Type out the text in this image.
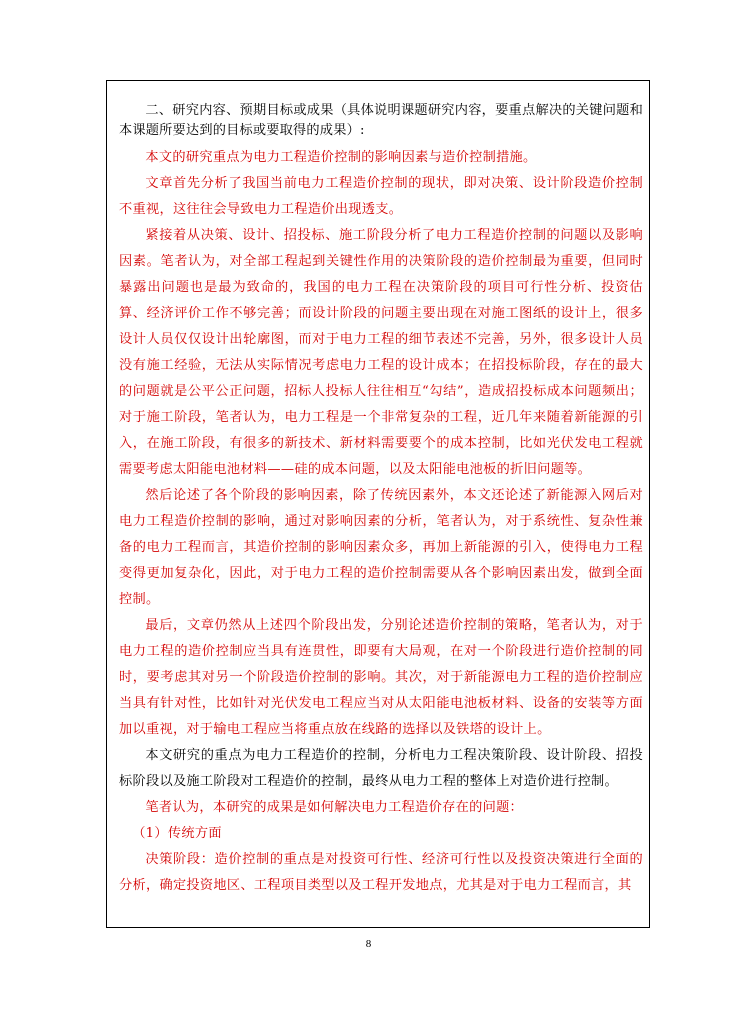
二、研究内容、预期目标或成果（具体说明课题研究内容，要重点解决的关键问题和本课题所要达到的目标或要取得的成果）:

本文的研究重点为电力工程造价控制的影响因素与造价控制措施。

文章首先分析了我国当前电力工程造价控制的现状，即对决策、设计阶段造价控制不重视，这往往会导致电力工程造价出现透支。

紧接着从决策、设计、招投标、施工阶段分析了电力工程造价控制的问题以及影响因素。笔者认为，对全部工程起到关键性作用的决策阶段的造价控制最为重要，但同时暴露出问题也是最为致命的，我国的电力工程在决策阶段的项目可行性分析、投资估算、经济评价工作不够完善；而设计阶段的问题主要出现在对施工图纸的设计上，很多设计人员仅仅设计出轮廓图，而对于电力工程的细节表述不完善，另外，很多设计人员没有施工经验，无法从实际情况考虑电力工程的设计成本；在招投标阶段，存在的最大的问题就是公平公正问题，招标人投标人往往相互“勾结”，造成招投标成本问题频出；对于施工阶段，笔者认为，电力工程是一个非常复杂的工程，近几年来随着新能源的引入，在施工阶段，有很多的新技术、新材料需要要个的成本控制，比如光伏发电工程就需要考虑太阳能电池材料——硅的成本问题，以及太阳能电池板的折旧问题等。

然后论述了各个阶段的影响因素，除了传统因素外，本文还论述了新能源入网后对电力工程造价控制的影响，通过对影响因素的分析，笔者认为，对于系统性、复杂性兼备的电力工程而言，其造价控制的影响因素众多，再加上新能源的引入，使得电力工程变得更加复杂化，因此，对于电力工程的造价控制需要从各个影响因素出发，做到全面控制。

最后，文章仍然从上述四个阶段出发，分别论述造价控制的策略，笔者认为，对于电力工程的造价控制应当具有连贯性，即要有大局观，在对一个阶段进行造价控制的同时，要考虑其对另一个阶段造价控制的影响。其次，对于新能源电力工程的造价控制应当具有针对性，比如针对光伏发电工程应当对从太阳能电池板材料、设备的安装等方面加以重视，对于输电工程应当将重点放在线路的选择以及铁塔的设计上。

本文研究的重点为电力工程造价的控制，分析电力工程决策阶段、设计阶段、招投标阶段以及施工阶段对工程造价的控制，最终从电力工程的整体上对造价进行控制。

笔者认为，本研究的成果是如何解决电力工程造价存在的问题：

（1）传统方面

决策阶段：造价控制的重点是对投资可行性、经济可行性以及投资决策进行全面的分析，确定投资地区、工程项目类型以及工程开发地点，尤其是对于电力工程而言，其

8
